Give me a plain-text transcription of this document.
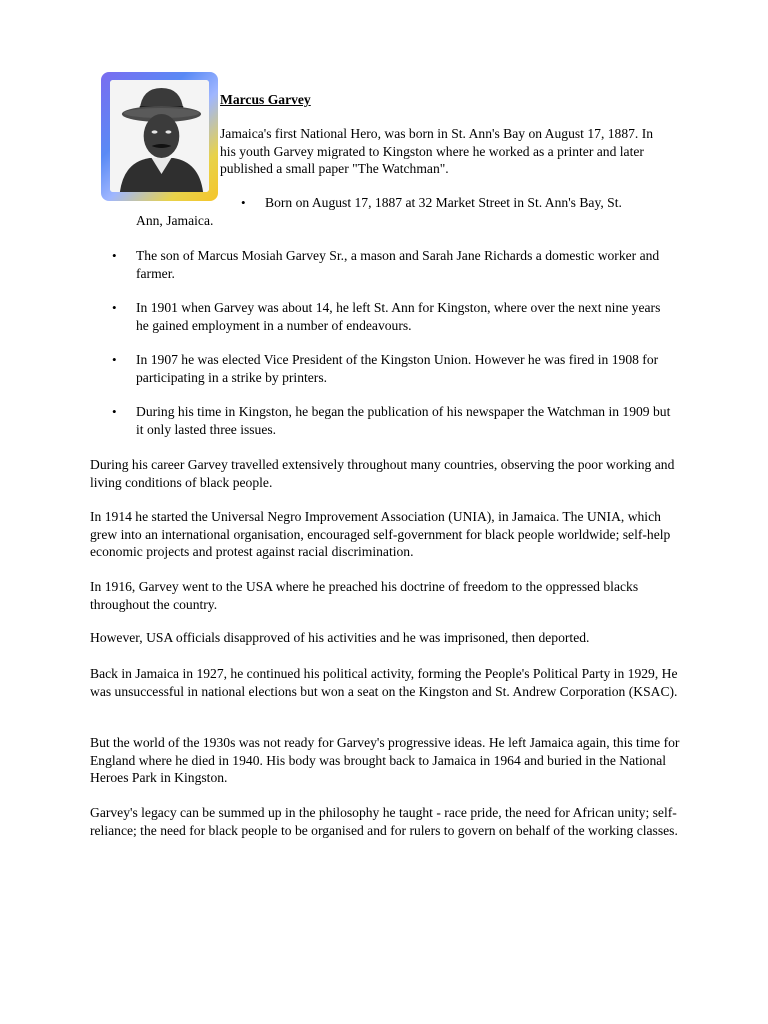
Marcus Garvey
Jamaica's first National Hero, was born in St. Ann's Bay on August 17, 1887. In his youth Garvey migrated to Kingston where he worked as a printer and later published a small paper "The Watchman".
• Born on August 17, 1887 at 32 Market Street in St. Ann's Bay, St.
Ann, Jamaica.
• The son of Marcus Mosiah Garvey Sr., a mason and Sarah Jane Richards a domestic worker and farmer.
• In 1901 when Garvey was about 14, he left St. Ann for Kingston, where over the next nine years he gained employment in a number of endeavours.
• In 1907 he was elected Vice President of the Kingston Union. However he was fired in 1908 for participating in a strike by printers.
• During his time in Kingston, he began the publication of his newspaper the Watchman in 1909 but it only lasted three issues.
During his career Garvey travelled extensively throughout many countries, observing the poor working and living conditions of black people.
In 1914 he started the Universal Negro Improvement Association (UNIA), in Jamaica. The UNIA, which grew into an international organisation, encouraged self-government for black people worldwide; self-help economic projects and protest against racial discrimination.
In 1916, Garvey went to the USA where he preached his doctrine of freedom to the oppressed blacks throughout the country.
However, USA officials disapproved of his activities and he was imprisoned, then deported.
Back in Jamaica in 1927, he continued his political activity, forming the People's Political Party in 1929, He was unsuccessful in national elections but won a seat on the Kingston and St. Andrew Corporation (KSAC).
But the world of the 1930s was not ready for Garvey's progressive ideas. He left Jamaica again, this time for England where he died in 1940. His body was brought back to Jamaica in 1964 and buried in the National Heroes Park in Kingston.
Garvey's legacy can be summed up in the philosophy he taught - race pride, the need for African unity; self-reliance; the need for black people to be organised and for rulers to govern on behalf of the working classes.
